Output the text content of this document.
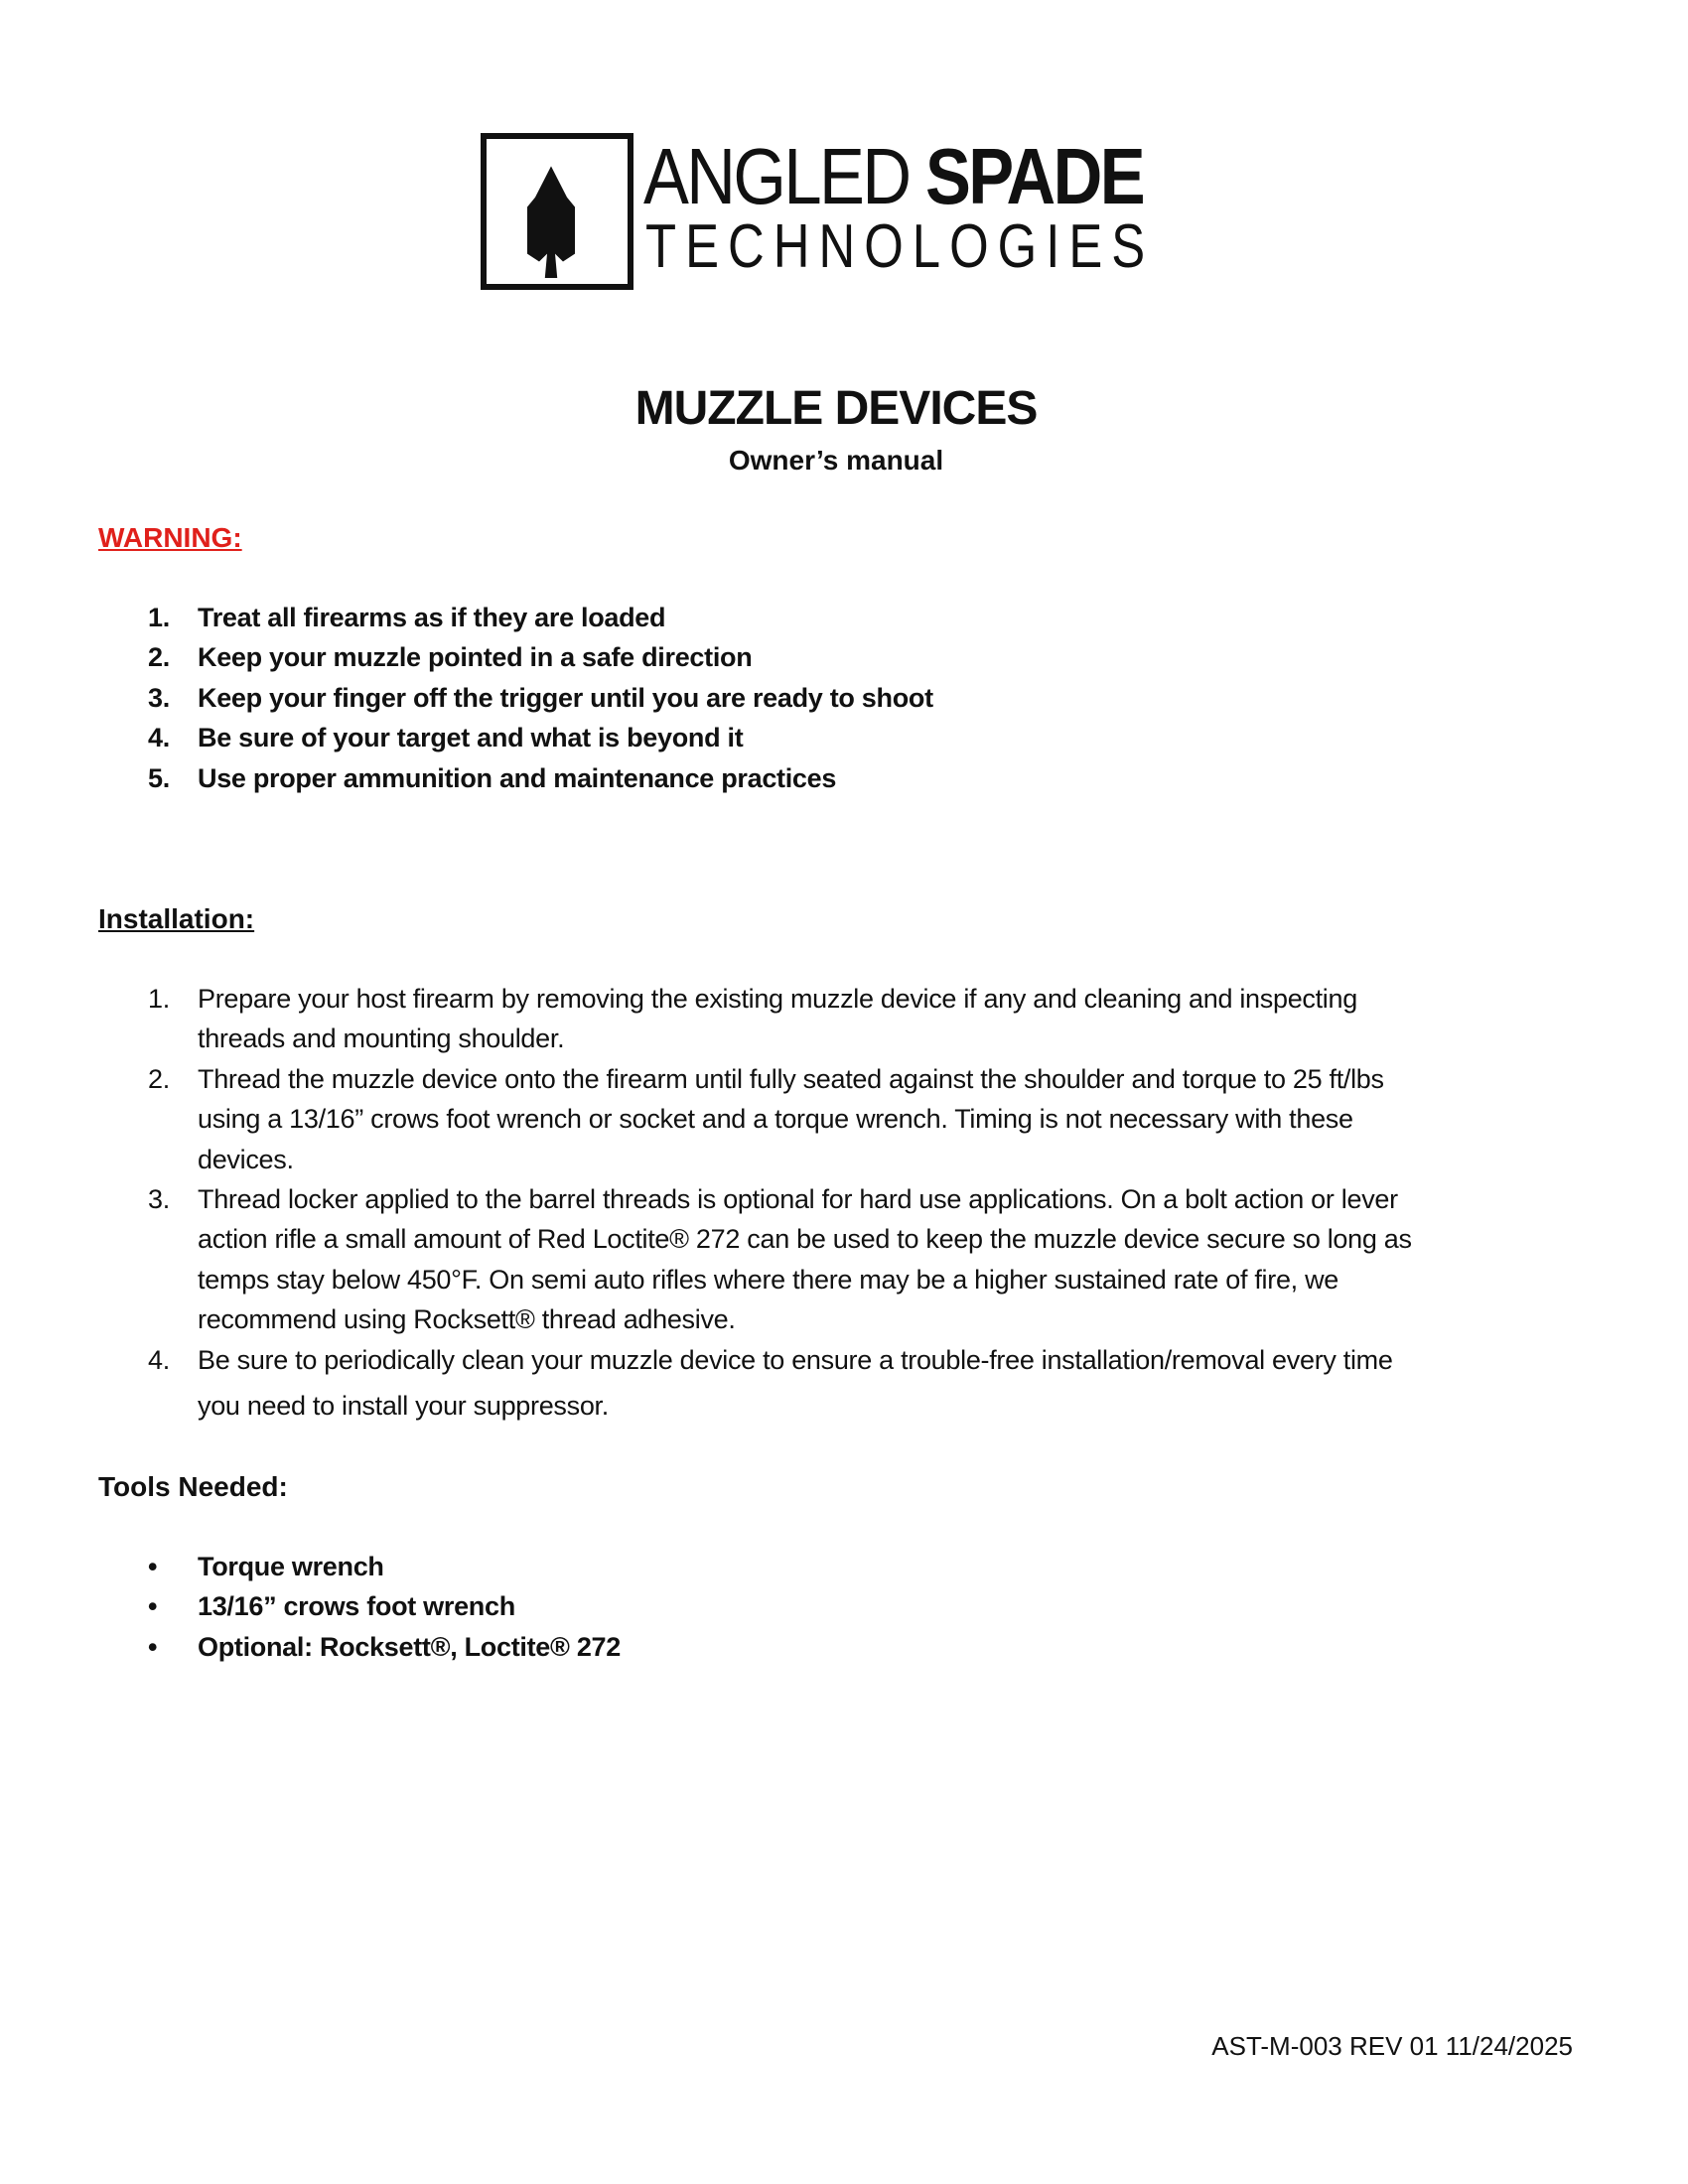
ANGLED SPADE
TECHNOLOGIES
MUZZLE DEVICES
Owner’s manual
WARNING:
1.	Treat all firearms as if they are loaded
2.	Keep your muzzle pointed in a safe direction
3.	Keep your finger off the trigger until you are ready to shoot
4.	Be sure of your target and what is beyond it
5.	Use proper ammunition and maintenance practices
Installation:
1.	Prepare your host firearm by removing the existing muzzle device if any and cleaning and inspecting
threads and mounting shoulder.
2.	Thread the muzzle device onto the firearm until fully seated against the shoulder and torque to 25 ft/lbs
using a 13/16” crows foot wrench or socket and a torque wrench. Timing is not necessary with these
devices.
3.	Thread locker applied to the barrel threads is optional for hard use applications. On a bolt action or lever
action rifle a small amount of Red Loctite® 272 can be used to keep the muzzle device secure so long as
temps stay below 450°F. On semi auto rifles where there may be a higher sustained rate of fire, we
recommend using Rocksett® thread adhesive.
4.	Be sure to periodically clean your muzzle device to ensure a trouble-free installation/removal every time
you need to install your suppressor.
Tools Needed:
•	Torque wrench
•	13/16” crows foot wrench
•	Optional: Rocksett®, Loctite® 272
AST-M-003 REV 01 11/24/2025
